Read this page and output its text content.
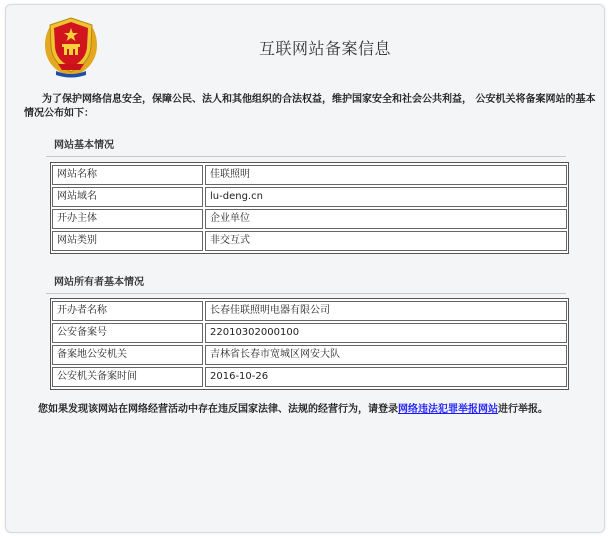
互联网站备案信息
为了保护网络信息安全，保障公民、法人和其他组织的合法权益，维护国家安全和社会公共利益， 公安机关将备案网站的基本情况公布如下：
网站基本情况
网站名称	佳联照明
网站域名	lu-deng.cn
开办主体	企业单位
网站类别	非交互式
网站所有者基本情况
开办者名称	长春佳联照明电器有限公司
公安备案号	22010302000100
备案地公安机关	吉林省长春市宽城区网安大队
公安机关备案时间	2016-10-26
您如果发现该网站在网络经营活动中存在违反国家法律、法规的经营行为，请登录网络违法犯罪举报网站进行举报。
